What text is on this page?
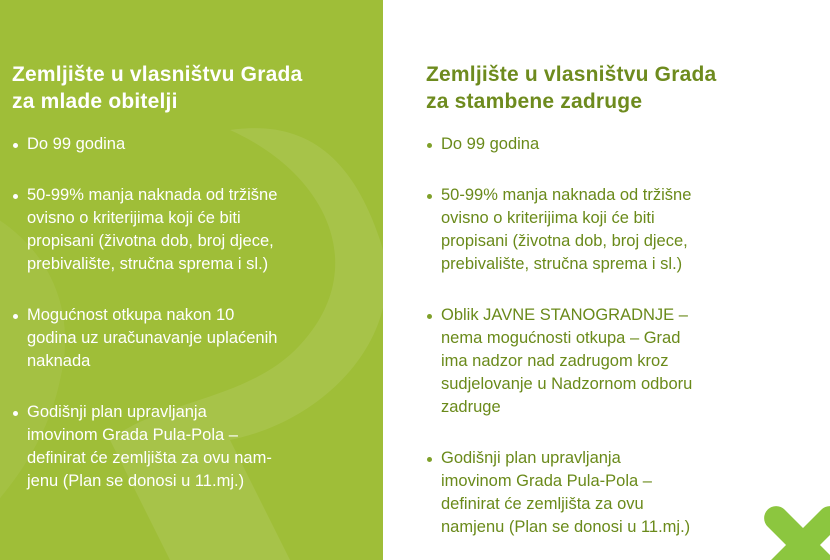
Zemljište u vlasništvu Grada
za mlade obitelji
Do 99 godina
50-99% manja naknada od tržišne
ovisno o kriterijima koji će biti
propisani (životna dob, broj djece,
prebivalište, stručna sprema i sl.)
Mogućnost otkupa nakon 10
godina uz uračunavanje uplaćenih
naknada
Godišnji plan upravljanja
imovinom Grada Pula-Pola –
definirat će zemljišta za ovu nam-
jenu (Plan se donosi u 11.mj.)
Zemljište u vlasništvu Grada
za stambene zadruge
Do 99 godina
50-99% manja naknada od tržišne
ovisno o kriterijima koji će biti
propisani (životna dob, broj djece,
prebivalište, stručna sprema i sl.)
Oblik JAVNE STANOGRADNJE –
nema mogućnosti otkupa – Grad
ima nadzor nad zadrugom kroz
sudjelovanje u Nadzornom odboru
zadruge
Godišnji plan upravljanja
imovinom Grada Pula-Pola –
definirat će zemljišta za ovu
namjenu (Plan se donosi u 11.mj.)
